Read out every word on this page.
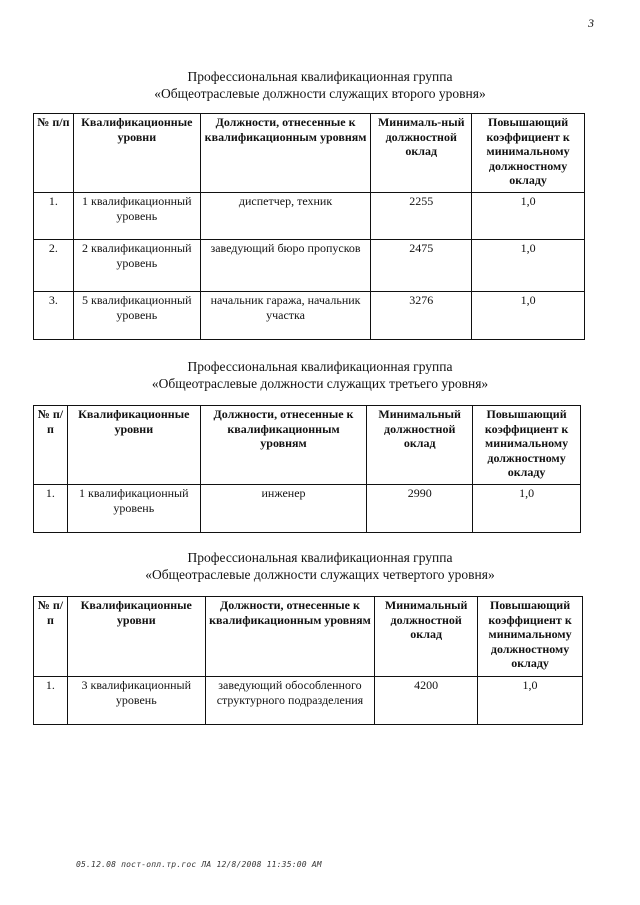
3
Профессиональная квалификационная группа
«Общеотраслевые должности служащих второго уровня»
№ п/п	Квалификационные уровни	Должности, отнесенные к квалификационным уровням	Минималь-ный должностной оклад	Повышающий коэффициент к минимальному должностному окладу
1.	1 квалификационный уровень	диспетчер, техник	2255	1,0
2.	2 квалификационный уровень	заведующий бюро пропусков	2475	1,0
3.	5 квалификационный уровень	начальник гаража, начальник участка	3276	1,0
Профессиональная квалификационная группа
«Общеотраслевые должности служащих третьего уровня»
№ п/п	Квалификационные уровни	Должности, отнесенные к квалификационным уровням	Минимальный должностной оклад	Повышающий коэффициент к минимальному должностному окладу
1.	1 квалификационный уровень	инженер	2990	1,0
Профессиональная квалификационная группа
«Общеотраслевые должности служащих четвертого уровня»
№ п/п	Квалификационные уровни	Должности, отнесенные к квалификационным уровням	Минимальный должностной оклад	Повышающий коэффициент к минимальному должностному окладу
1.	3 квалификационный уровень	заведующий обособленного структурного подразделения	4200	1,0
05.12.08 пост-опл.тр.гос ЛА 12/8/2008 11:35:00 АМ
